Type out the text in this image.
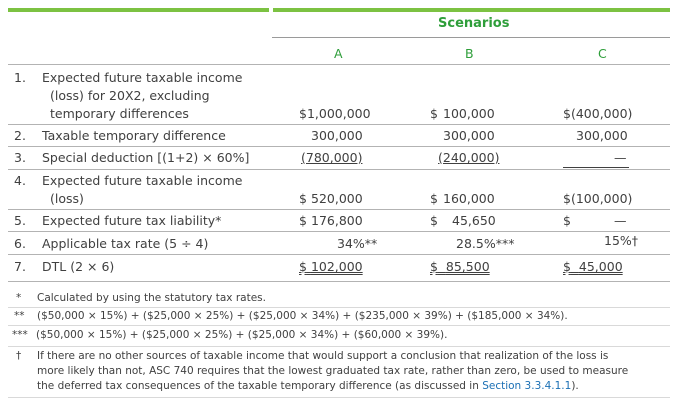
Scenarios
A	B	C
1. Expected future taxable income
(loss) for 20X2, excluding
temporary differences	$1,000,000	$ 100,000	$(400,000)
2. Taxable temporary difference	300,000	300,000	300,000
3. Special deduction [(1+2) × 60%]	(780,000)	(240,000)	—
4. Expected future taxable income
(loss)	$ 520,000	$ 160,000	$(100,000)
5. Expected future tax liability*	$ 176,800	$ 45,650	$	—
6. Applicable tax rate (5 ÷ 4)	34%**	28.5%***	15%†
7. DTL (2 × 6)	$ 102,000	$ 85,500	$ 45,000
* Calculated by using the statutory tax rates.
** ($50,000 × 15%) + ($25,000 × 25%) + ($25,000 × 34%) + ($235,000 × 39%) + ($185,000 × 34%).
*** ($50,000 × 15%) + ($25,000 × 25%) + ($25,000 × 34%) + ($60,000 × 39%).
† If there are no other sources of taxable income that would support a conclusion that realization of the loss is
more likely than not, ASC 740 requires that the lowest graduated tax rate, rather than zero, be used to measure
the deferred tax consequences of the taxable temporary difference (as discussed in Section 3.3.4.1.1).
